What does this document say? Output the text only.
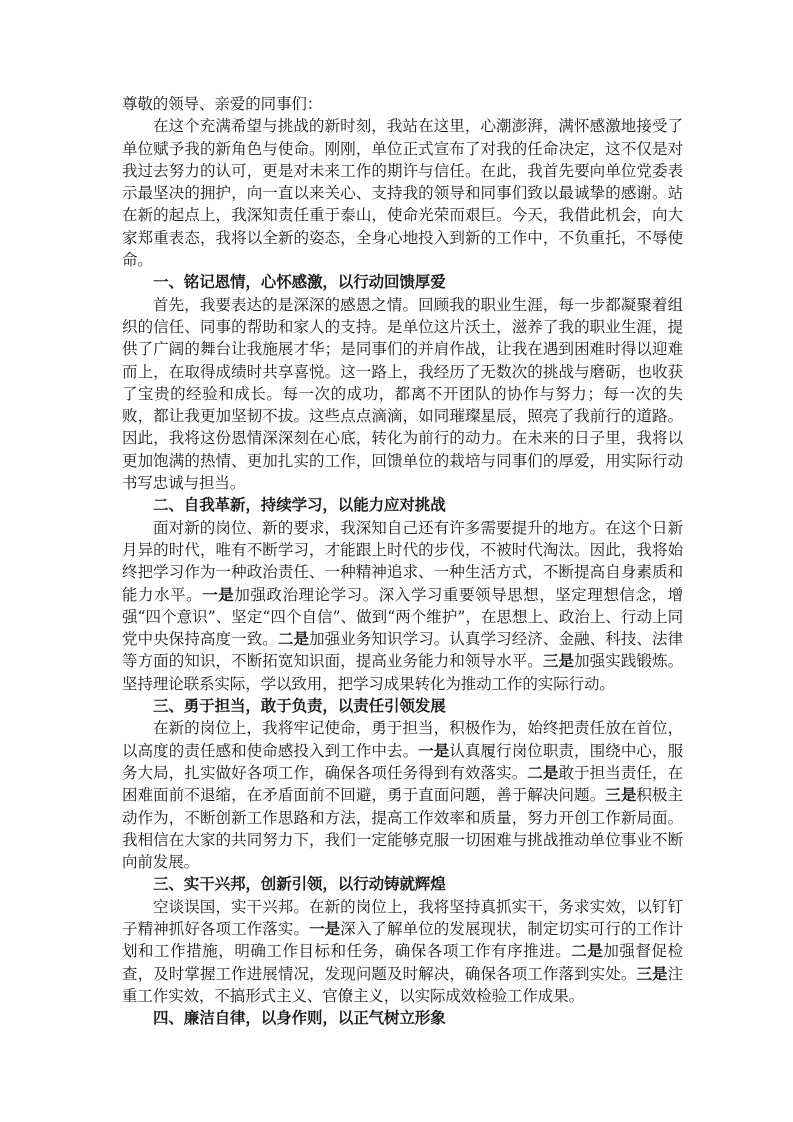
尊敬的领导、亲爱的同事们：

在这个充满希望与挑战的新时刻，我站在这里，心潮澎湃，满怀感激地接受了单位赋予我的新角色与使命。刚刚，单位正式宣布了对我的任命决定，这不仅是对我过去努力的认可，更是对未来工作的期许与信任。在此，我首先要向单位党委表示最坚决的拥护，向一直以来关心、支持我的领导和同事们致以最诚挚的感谢。站在新的起点上，我深知责任重于泰山，使命光荣而艰巨。今天，我借此机会，向大家郑重表态，我将以全新的姿态，全身心地投入到新的工作中，不负重托，不辱使命。

一、铭记恩情，心怀感激，以行动回馈厚爱

首先，我要表达的是深深的感恩之情。回顾我的职业生涯，每一步都凝聚着组织的信任、同事的帮助和家人的支持。是单位这片沃土，滋养了我的职业生涯，提供了广阔的舞台让我施展才华；是同事们的并肩作战，让我在遇到困难时得以迎难而上，在取得成绩时共享喜悦。这一路上，我经历了无数次的挑战与磨砺，也收获了宝贵的经验和成长。每一次的成功，都离不开团队的协作与努力；每一次的失败，都让我更加坚韧不拔。这些点点滴滴，如同璀璨星辰，照亮了我前行的道路。因此，我将这份恩情深深刻在心底，转化为前行的动力。在未来的日子里，我将以更加饱满的热情、更加扎实的工作，回馈单位的栽培与同事们的厚爱，用实际行动书写忠诚与担当。

二、自我革新，持续学习，以能力应对挑战

面对新的岗位、新的要求，我深知自己还有许多需要提升的地方。在这个日新月异的时代，唯有不断学习，才能跟上时代的步伐，不被时代淘汰。因此，我将始终把学习作为一种政治责任、一种精神追求、一种生活方式，不断提高自身素质和能力水平。一是加强政治理论学习。深入学习重要领导思想，坚定理想信念，增强“四个意识”、坚定“四个自信”、做到“两个维护”，在思想上、政治上、行动上同党中央保持高度一致。二是加强业务知识学习。认真学习经济、金融、科技、法律等方面的知识，不断拓宽知识面，提高业务能力和领导水平。三是加强实践锻炼。坚持理论联系实际，学以致用，把学习成果转化为推动工作的实际行动。

三、勇于担当，敢于负责，以责任引领发展

在新的岗位上，我将牢记使命，勇于担当，积极作为，始终把责任放在首位，以高度的责任感和使命感投入到工作中去。一是认真履行岗位职责，围绕中心，服务大局，扎实做好各项工作，确保各项任务得到有效落实。二是敢于担当责任，在困难面前不退缩，在矛盾面前不回避，勇于直面问题，善于解决问题。三是积极主动作为，不断创新工作思路和方法，提高工作效率和质量，努力开创工作新局面。我相信在大家的共同努力下，我们一定能够克服一切困难与挑战推动单位事业不断向前发展。

三、实干兴邦，创新引领，以行动铸就辉煌

空谈误国，实干兴邦。在新的岗位上，我将坚持真抓实干，务求实效，以钉钉子精神抓好各项工作落实。一是深入了解单位的发展现状，制定切实可行的工作计划和工作措施，明确工作目标和任务，确保各项工作有序推进。二是加强督促检查，及时掌握工作进展情况，发现问题及时解决，确保各项工作落到实处。三是注重工作实效，不搞形式主义、官僚主义，以实际成效检验工作成果。

四、廉洁自律，以身作则，以正气树立形象
